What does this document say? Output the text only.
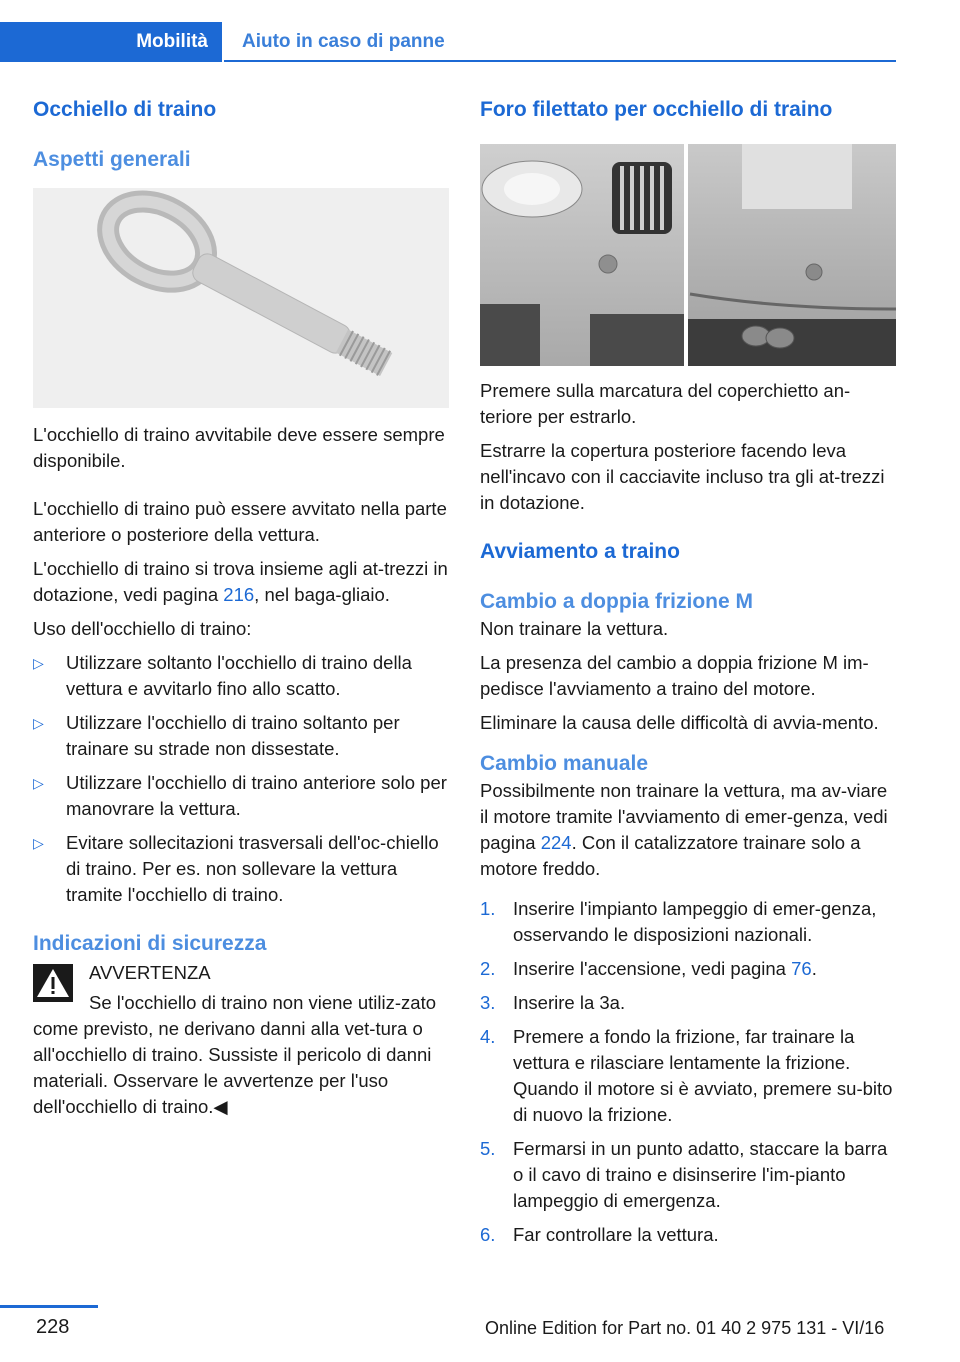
Mobilità Aiuto in caso di panne
Occhiello di traino
Aspetti generali

L'occhiello di traino avvitabile deve essere sempre disponibile.

L'occhiello di traino può essere avvitato nella parte anteriore o posteriore della vettura.

L'occhiello di traino si trova insieme agli at-trezzi in dotazione, vedi pagina 216, nel baga-gliaio.

Uso dell'occhiello di traino:

▷ Utilizzare soltanto l'occhiello di traino della vettura e avvitarlo fino allo scatto.
▷ Utilizzare l'occhiello di traino soltanto per trainare su strade non dissestate.
▷ Utilizzare l'occhiello di traino anteriore solo per manovrare la vettura.
▷ Evitare sollecitazioni trasversali dell'oc-chiello di traino. Per es. non sollevare la vettura tramite l'occhiello di traino.
Indicazioni di sicurezza
AVVERTENZA
Se l'occhiello di traino non viene utiliz-zato come previsto, ne derivano danni alla vet-tura o all'occhiello di traino. Sussiste il pericolo di danni materiali. Osservare le avvertenze per l'uso dell'occhiello di traino.◀
Foro filettato per occhiello di traino

Premere sulla marcatura del coperchietto an-teriore per estrarlo.

Estrarre la copertura posteriore facendo leva nell'incavo con il cacciavite incluso tra gli at-trezzi in dotazione.

Avviamento a traino
Cambio a doppia frizione M

Non trainare la vettura.

La presenza del cambio a doppia frizione M im-pedisce l'avviamento a traino del motore.

Eliminare la causa delle difficoltà di avvia-mento.

Cambio manuale

Possibilmente non trainare la vettura, ma av-viare il motore tramite l'avviamento di emer-genza, vedi pagina 224. Con il catalizzatore trainare solo a motore freddo.

1. Inserire l'impianto lampeggio di emer-genza, osservando le disposizioni nazionali.
2. Inserire l'accensione, vedi pagina 76.
3. Inserire la 3a.
4. Premere a fondo la frizione, far trainare la vettura e rilasciare lentamente la frizione. Quando il motore si è avviato, premere su-bito di nuovo la frizione.
5. Fermarsi in un punto adatto, staccare la barra o il cavo di traino e disinserire l'im-pianto lampeggio di emergenza.
6. Far controllare la vettura.
228	Online Edition for Part no. 01 40 2 975 131 - VI/16
